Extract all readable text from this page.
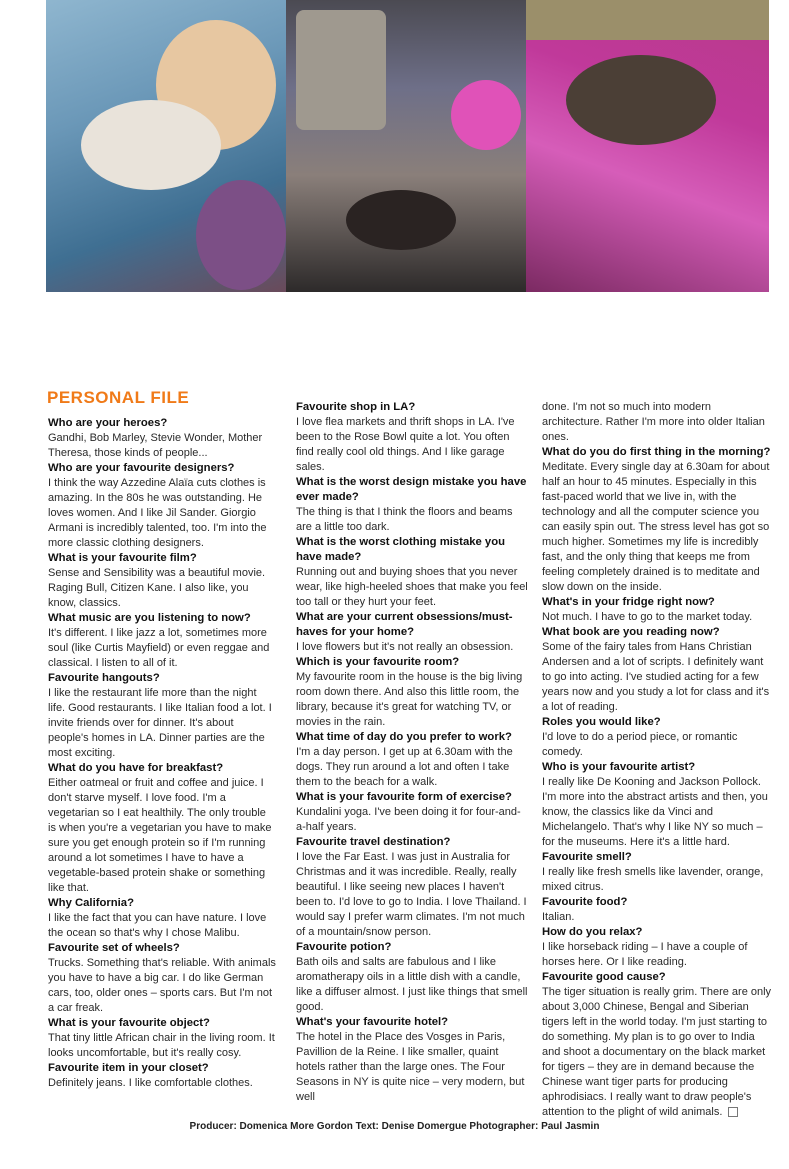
PERSONAL FILE

Who are your heroes?

Gandhi, Bob Marley, Stevie Wonder, Mother Theresa, those kinds of people...

Who are your favourite designers?

I think the way Azzedine Alaïa cuts clothes is amazing. In the 80s he was outstanding. He loves women. And I like Jil Sander. Giorgio Armani is incredibly talented, too. I'm into the more classic clothing designers.

What is your favourite film?

Sense and Sensibility was a beautiful movie. Raging Bull, Citizen Kane. I also like, you know, classics.

What music are you listening to now?

It's different. I like jazz a lot, sometimes more soul (like Curtis Mayfield) or even reggae and classical. I listen to all of it.

Favourite hangouts?

I like the restaurant life more than the night life. Good restaurants. I like Italian food a lot. I invite friends over for dinner. It's about people's homes in LA. Dinner parties are the most exciting.

What do you have for breakfast?

Either oatmeal or fruit and coffee and juice. I don't starve myself. I love food. I'm a vegetarian so I eat healthily. The only trouble is when you're a vegetarian you have to make sure you get enough protein so if I'm running around a lot sometimes I have to have a vegetable-based protein shake or something like that.

Why California?

I like the fact that you can have nature. I love the ocean so that's why I chose Malibu.

Favourite set of wheels?

Trucks. Something that's reliable. With animals you have to have a big car. I do like German cars, too, older ones – sports cars. But I'm not a car freak.

What is your favourite object?

That tiny little African chair in the living room. It looks uncomfortable, but it's really cosy.

Favourite item in your closet?

Definitely jeans. I like comfortable clothes.

Favourite shop in LA?

I love flea markets and thrift shops in LA. I've been to the Rose Bowl quite a lot. You often find really cool old things. And I like garage sales.

What is the worst design mistake you have ever made?

The thing is that I think the floors and beams are a little too dark.

What is the worst clothing mistake you have made?

Running out and buying shoes that you never wear, like high-heeled shoes that make you feel too tall or they hurt your feet.

What are your current obsessions/must-haves for your home?

I love flowers but it's not really an obsession.

Which is your favourite room?

My favourite room in the house is the big living room down there. And also this little room, the library, because it's great for watching TV, or movies in the rain.

What time of day do you prefer to work?

I'm a day person. I get up at 6.30am with the dogs. They run around a lot and often I take them to the beach for a walk.

What is your favourite form of exercise?

Kundalini yoga. I've been doing it for four-and-a-half years.

Favourite travel destination?

I love the Far East. I was just in Australia for Christmas and it was incredible. Really, really beautiful. I like seeing new places I haven't been to. I'd love to go to India. I love Thailand. I would say I prefer warm climates. I'm not much of a mountain/snow person.

Favourite potion?

Bath oils and salts are fabulous and I like aromatherapy oils in a little dish with a candle, like a diffuser almost. I just like things that smell good.

What's your favourite hotel?

The hotel in the Place des Vosges in Paris, Pavillion de la Reine. I like smaller, quaint hotels rather than the large ones. The Four Seasons in NY is quite nice – very modern, but well

done. I'm not so much into modern architecture. Rather I'm more into older Italian ones.

What do you do first thing in the morning?

Meditate. Every single day at 6.30am for about half an hour to 45 minutes. Especially in this fast-paced world that we live in, with the technology and all the computer science you can easily spin out. The stress level has got so much higher. Sometimes my life is incredibly fast, and the only thing that keeps me from feeling completely drained is to meditate and slow down on the inside.

What's in your fridge right now?

Not much. I have to go to the market today.

What book are you reading now?

Some of the fairy tales from Hans Christian Andersen and a lot of scripts. I definitely want to go into acting. I've studied acting for a few years now and you study a lot for class and it's a lot of reading.

Roles you would like?

I'd love to do a period piece, or romantic comedy.

Who is your favourite artist?

I really like De Kooning and Jackson Pollock. I'm more into the abstract artists and then, you know, the classics like da Vinci and Michelangelo. That's why I like NY so much – for the museums. Here it's a little hard.

Favourite smell?

I really like fresh smells like lavender, orange, mixed citrus.

Favourite food?

Italian.

How do you relax?

I like horseback riding – I have a couple of horses here. Or I like reading.

Favourite good cause?

The tiger situation is really grim. There are only about 3,000 Chinese, Bengal and Siberian tigers left in the world today. I'm just starting to do something. My plan is to go over to India and shoot a documentary on the black market for tigers – they are in demand because the Chinese want tiger parts for producing aphrodisiacs. I really want to draw people's attention to the plight of wild animals.

Producer: Domenica More Gordon Text: Denise Domergue Photographer: Paul Jasmin
